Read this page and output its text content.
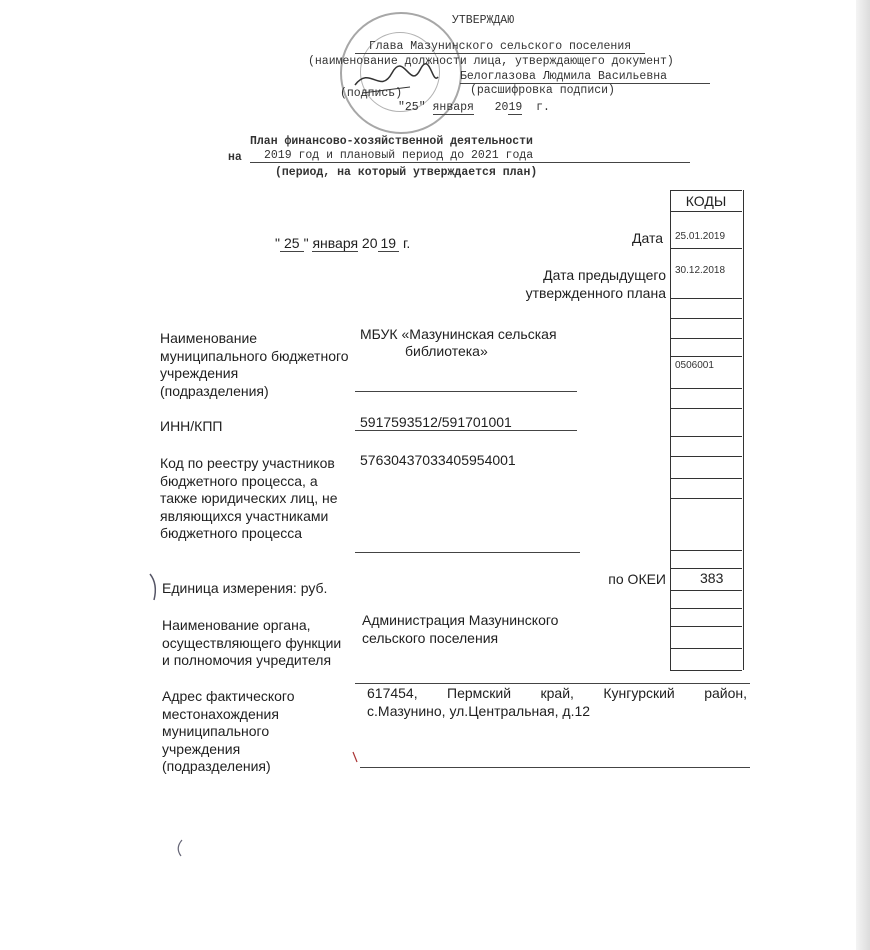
УТВЕРЖДАЮ
Глава Мазунинского сельского поселения
(наименование должности лица, утверждающего документ)
Белоглазова Людмила Васильевна
(подпись)	(расшифровка подписи)
"25" января 2019 г.
План финансово-хозяйственной деятельности
на	2019 год и плановый период до 2021 года
(период, на который утверждается план)
" 25 " января 20 19 г.
КОДЫ
25.01.2019
30.12.2018
0506001
383
Дата
Дата предыдущего
утвержденного плана
по ОКЕИ
Наименование муниципального бюджетного учреждения (подразделения)
ИНН/КПП
Код по реестру участников бюджетного процесса, а также юридических лиц, не являющихся участниками бюджетного процесса
Единица измерения: руб.
Наименование органа, осуществляющего функции и полномочия учредителя
Адрес фактического местонахождения муниципального учреждения (подразделения)
МБУК «Мазунинская сельская
библиотека»
5917593512/591701001
57630437033405954001
Администрация Мазунинского
сельского поселения
617454, Пермский край, Кунгурский район,
с.Мазунино, ул.Центральная, д.12
